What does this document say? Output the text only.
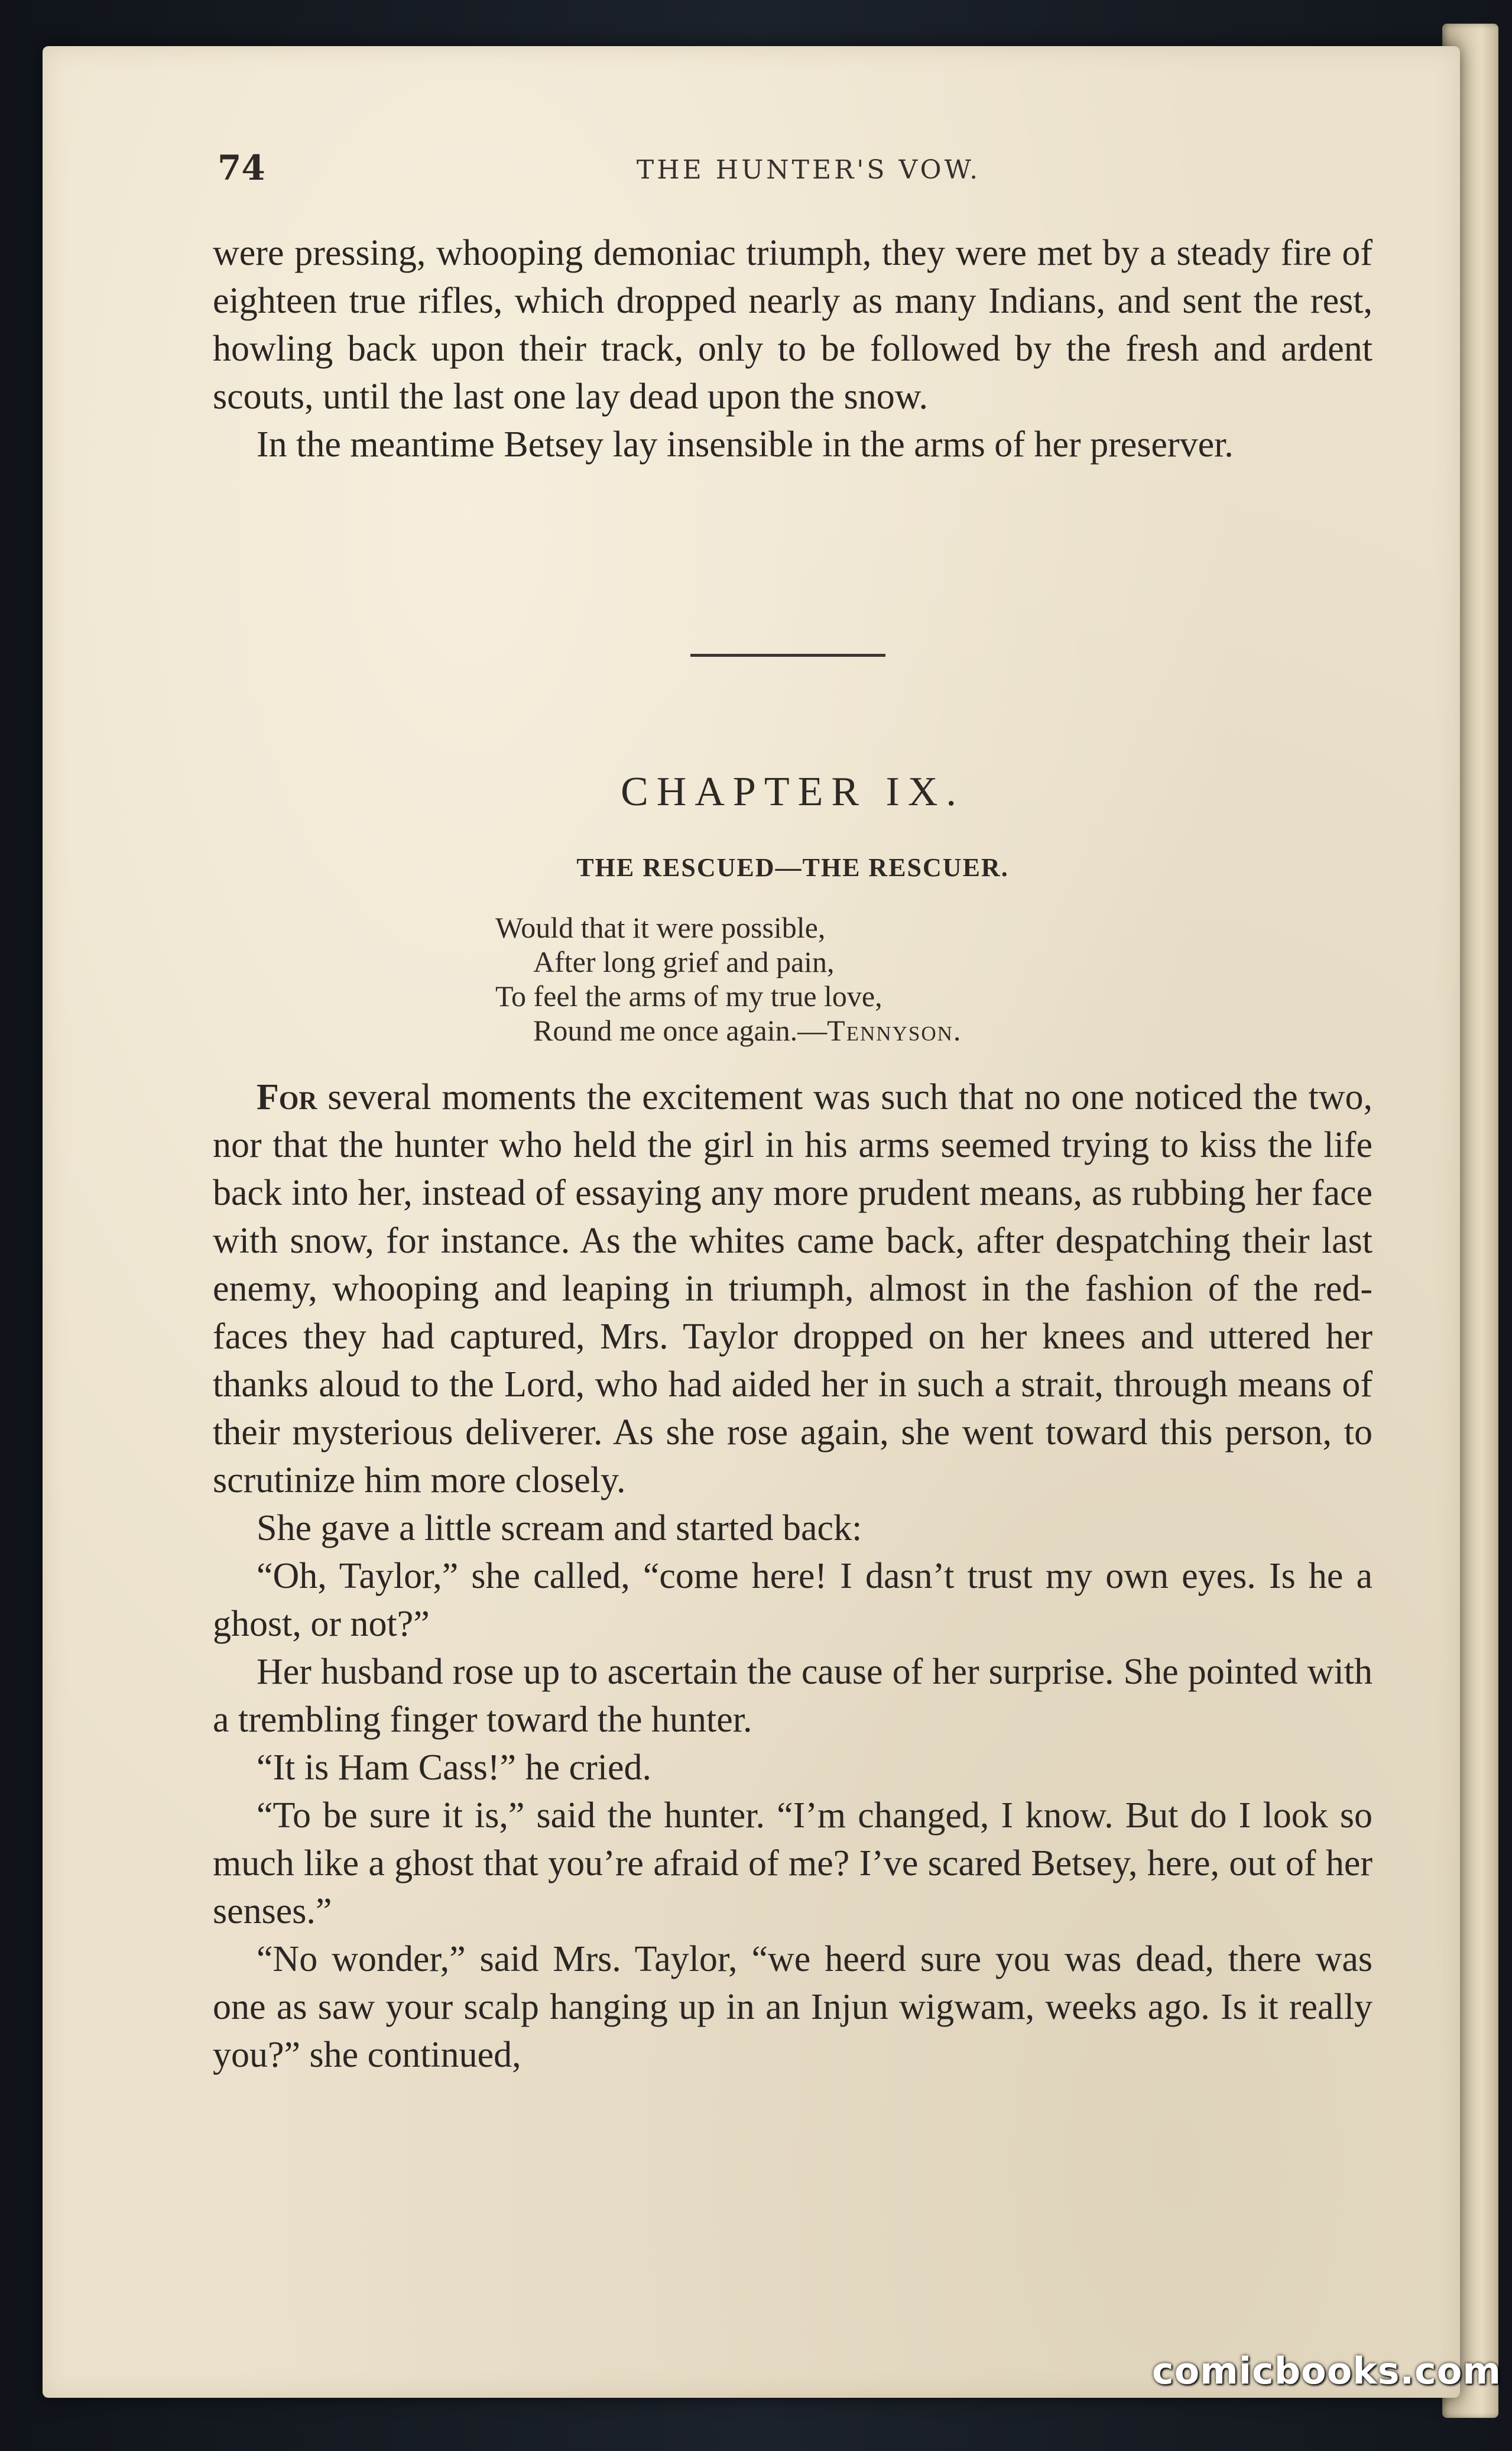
74	THE HUNTER'S VOW.

were pressing, whooping demoniac triumph, they were met by a steady fire of eighteen true rifles, which dropped nearly as many Indians, and sent the rest, howling back upon their track, only to be followed by the fresh and ardent scouts, until the last one lay dead upon the snow.

In the meantime Betsey lay insensible in the arms of her preserver.

CHAPTER IX.
THE RESCUED—THE RESCUER.
Would that it were possible,
After long grief and pain,
To feel the arms of my true love,
Round me once again.—Tennyson.

For several moments the excitement was such that no one noticed the two, nor that the hunter who held the girl in his arms seemed trying to kiss the life back into her, instead of essaying any more prudent means, as rubbing her face with snow, for instance. As the whites came back, after despatching their last enemy, whooping and leaping in triumph, almost in the fashion of the red-faces they had captured, Mrs. Taylor dropped on her knees and uttered her thanks aloud to the Lord, who had aided her in such a strait, through means of their mysterious deliverer. As she rose again, she went toward this person, to scrutinize him more closely.

She gave a little scream and started back:

“Oh, Taylor,” she called, “come here! I dasn’t trust my own eyes. Is he a ghost, or not?”

Her husband rose up to ascertain the cause of her surprise. She pointed with a trembling finger toward the hunter.

“It is Ham Cass!” he cried.

“To be sure it is,” said the hunter. “I’m changed, I know. But do I look so much like a ghost that you’re afraid of me? I’ve scared Betsey, here, out of her senses.”

“No wonder,” said Mrs. Taylor, “we heerd sure you was dead, there was one as saw your scalp hanging up in an Injun wigwam, weeks ago. Is it really you?” she continued,

comicbooks.com
